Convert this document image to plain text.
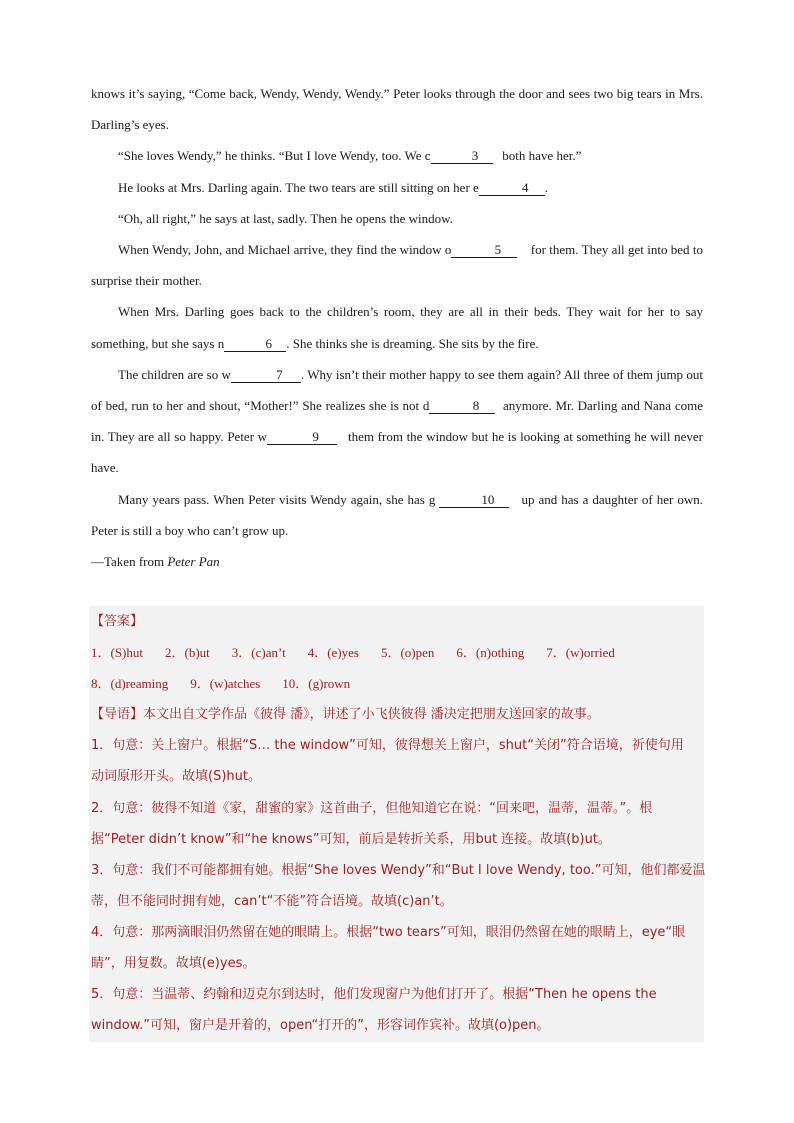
knows it’s saying, “Come back, Wendy, Wendy, Wendy.” Peter looks through the door and sees two big tears in Mrs. Darling’s eyes.

“She loves Wendy,” he thinks. “But I love Wendy, too. We c	3 both have her.”

He looks at Mrs. Darling again. The two tears are still sitting on her e	4 .

“Oh, all right,” he says at last, sadly. Then he opens the window.

When Wendy, John, and Michael arrive, they find the window o	5 for them. They all get into bed to surprise their mother.

When Mrs. Darling goes back to the children’s room, they are all in their beds. They wait for her to say something, but she says n	6 . She thinks she is dreaming. She sits by the fire.

The children are so w	7 . Why isn’t their mother happy to see them again? All three of them jump out of bed, run to her and shout, “Mother!” She realizes she is not d	8 anymore. Mr. Darling and Nana come in. They are all so happy. Peter w	9 them from the window but he is looking at something he will never have.

Many years pass. When Peter visits Wendy again, she has g	10 up and has a daughter of her own. Peter is still a boy who can’t grow up.

—Taken from Peter Pan

【答案】
1．(S)hut 2．(b)ut 3．(c)an’t 4．(e)yes 5．(o)pen 6．(n)othing 7．(w)orried
8．(d)reaming 9．(w)atches 10．(g)rown
【导语】本文出自文学作品《彼得 潘》，讲述了小飞侠彼得 潘决定把朋友送回家的故事。
1．句意：关上窗户。根据“S… the window”可知，彼得想关上窗户，shut“关闭”符合语境，祈使句用
动词原形开头。故填(S)hut。
2．句意：彼得不知道《家，甜蜜的家》这首曲子，但他知道它在说：“回来吧，温蒂，温蒂。”。根
据“Peter didn’t know”和“he knows”可知，前后是转折关系，用but 连接。故填(b)ut。
3．句意：我们不可能都拥有她。根据“She loves Wendy”和“But I love Wendy, too.”可知，他们都爱温
蒂，但不能同时拥有她，can’t“不能”符合语境。故填(c)an’t。
4．句意：那两滴眼泪仍然留在她的眼睛上。根据“two tears”可知，眼泪仍然留在她的眼睛上，eye“眼
睛”，用复数。故填(e)yes。
5．句意：当温蒂、约翰和迈克尔到达时，他们发现窗户为他们打开了。根据“Then he opens the
window.”可知，窗户是开着的，open“打开的”，形容词作宾补。故填(o)pen。
